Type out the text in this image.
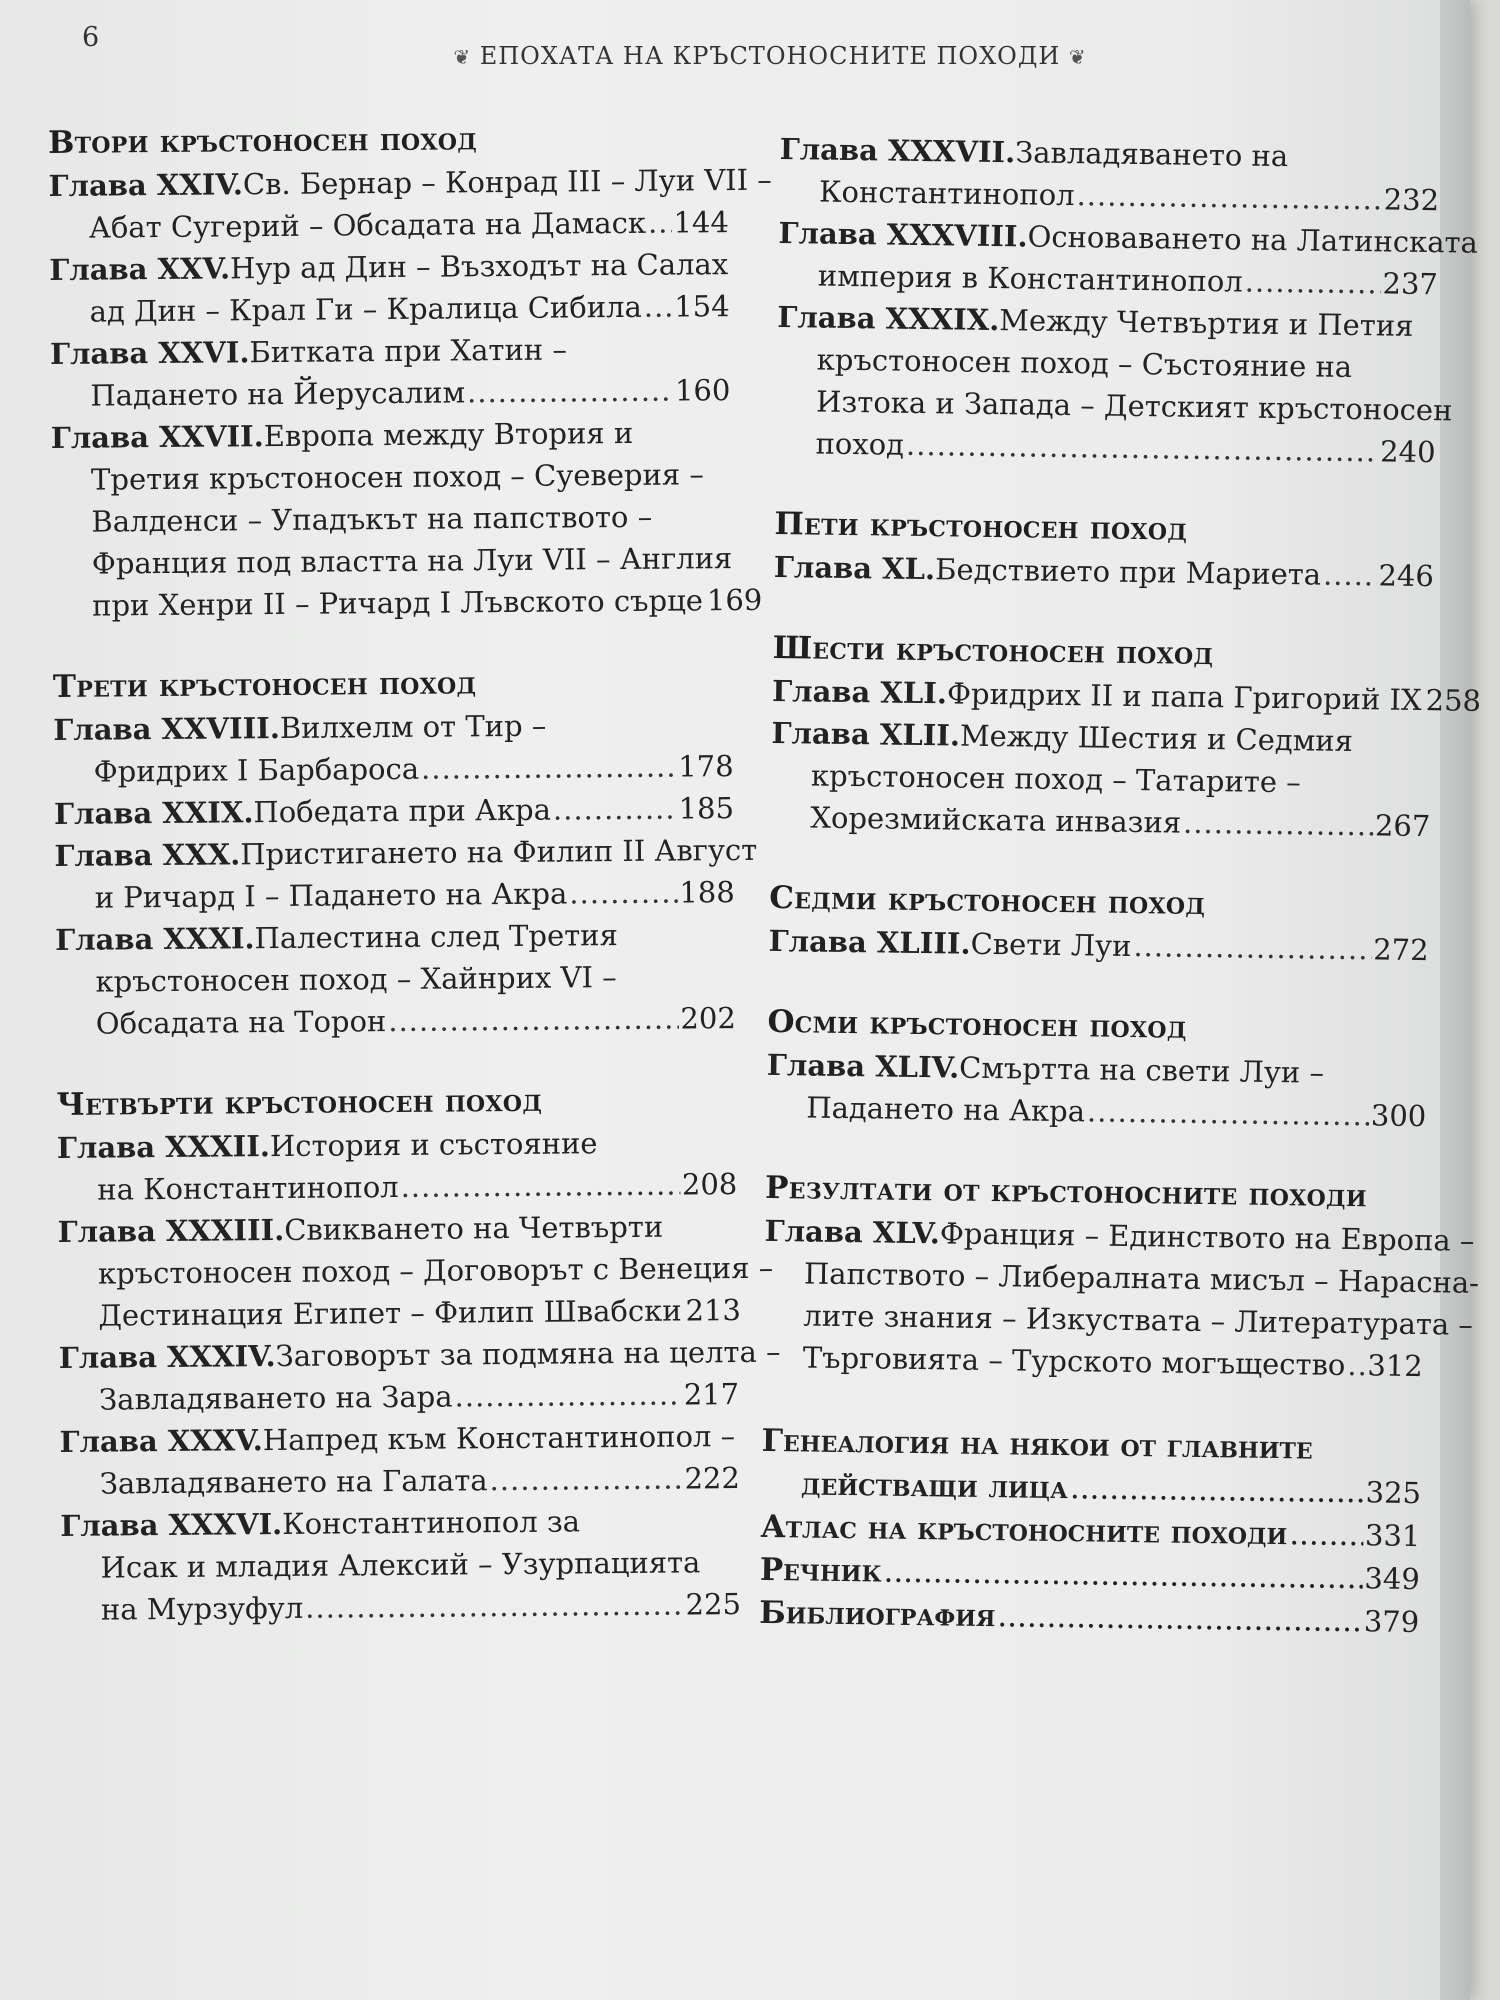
6
❦ ЕПОХАТА НА КРЪСТОНОСНИТЕ ПОХОДИ ❦
Втори кръстоносен поход
Глава XXIV. Св. Бернар – Конрад III – Луи VII –
Абат Сугерий – Обсадата на Дамаск ..... 144
Глава XXV. Нур ад Дин – Възходът на Салах
ад Дин – Крал Ги – Кралица Сибила ..... 154
Глава XXVI. Битката при Хатин –
Падането на Йерусалим .....	160
Глава XXVII. Европа между Втория и
Третия кръстоносен поход – Суеверия –
Валденси – Упадъкът на папството –
Франция под властта на Луи VII – Англия
при Хенри II – Ричард I Лъвското сърце ..... 169
Трети кръстоносен поход
Глава XXVIII. Вилхелм от Тир –
Фридрих I Барбароса .....	178
Глава XXIX. Победата при Акра .....	185
Глава XXX. Пристигането на Филип II Август
и Ричард I – Падането на Акра .....	188
Глава XXXI. Палестина след Третия
кръстоносен поход – Хайнрих VI –
Обсадата на Торон .....	202
Четвърти кръстоносен поход
Глава XXXII. История и състояние
на Константинопол .....	208
Глава XXXIII. Свикването на Четвърти
кръстоносен поход – Договорът с Венеция –
Дестинация Египет – Филип Швабски ..... 213
Глава XXXIV. Заговорът за подмяна на целта –
Завладяването на Зара .....	217
Глава XXXV. Напред към Константинопол –
Завладяването на Галата .....	222
Глава XXXVI. Константинопол за
Исак и младия Алексий – Узурпацията
на Мурзуфул .....	225
Глава XXXVII. Завладяването на
Константинопол .....	232
Глава XXXVIII. Основаването на Латинската
империя в Константинопол .....	237
Глава XXXIX. Между Четвъртия и Петия
кръстоносен поход – Състояние на
Изтока и Запада – Детският кръстоносен
поход .....	240
Пети кръстоносен поход
Глава XL. Бедствието при Мариета ..... 246
Шести кръстоносен поход
Глава XLI. Фридрих II и папа Григорий IX ..... 258
Глава XLII. Между Шестия и Седмия
кръстоносен поход – Татарите –
Хорезмийската инвазия .....	267
Седми кръстоносен поход
Глава XLIII. Свети Луи .....	272
Осми кръстоносен поход
Глава XLIV. Смъртта на свети Луи –
Падането на Акра .....	300
Резултати от кръстоносните походи
Глава XLV. Франция – Единството на Европа –
Папството – Либералната мисъл – Нарасна-
лите знания – Изкуствата – Литературата –
Търговията – Турското могъщество ..... 312
Генеалогия на някои от главните
действащи лица .....	325
Атлас на кръстоносните походи .....	331
Речник .....	349
Библиография .....	379
